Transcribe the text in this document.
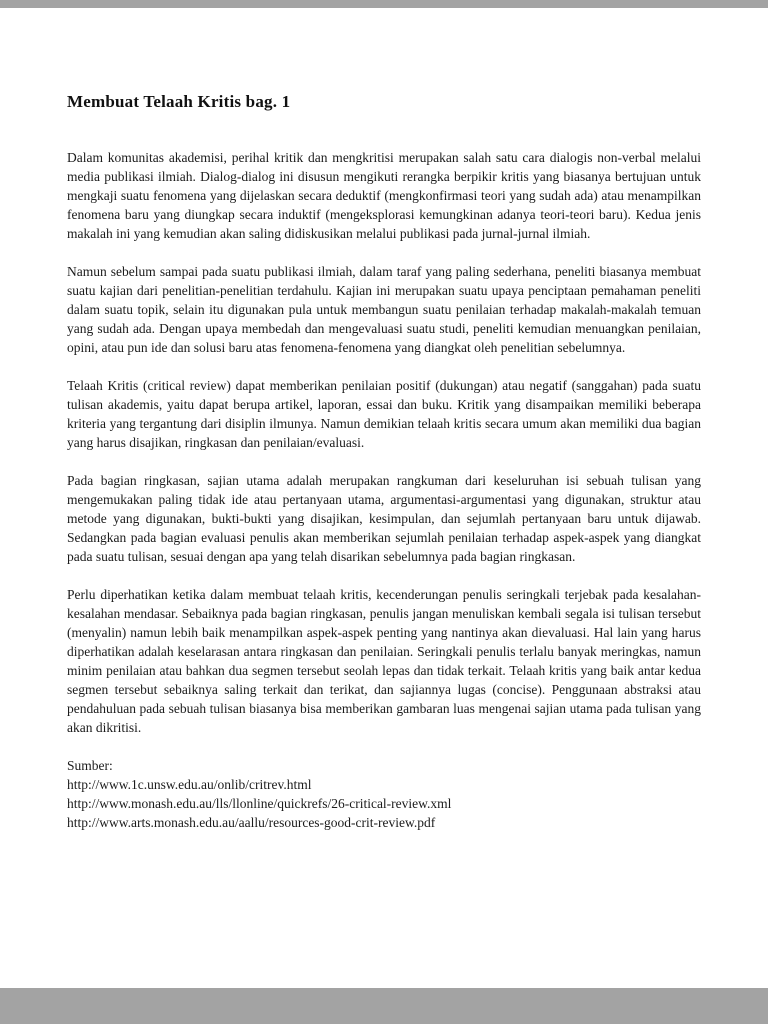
Membuat Telaah Kritis bag. 1

Dalam komunitas akademisi, perihal kritik dan mengkritisi merupakan salah satu cara dialogis non-verbal melalui media publikasi ilmiah. Dialog-dialog ini disusun mengikuti rerangka berpikir kritis yang biasanya bertujuan untuk mengkaji suatu fenomena yang dijelaskan secara deduktif (mengkonfirmasi teori yang sudah ada) atau menampilkan fenomena baru yang diungkap secara induktif (mengeksplorasi kemungkinan adanya teori-teori baru). Kedua jenis makalah ini yang kemudian akan saling didiskusikan melalui publikasi pada jurnal-jurnal ilmiah.

Namun sebelum sampai pada suatu publikasi ilmiah, dalam taraf yang paling sederhana, peneliti biasanya membuat suatu kajian dari penelitian-penelitian terdahulu. Kajian ini merupakan suatu upaya penciptaan pemahaman peneliti dalam suatu topik, selain itu digunakan pula untuk membangun suatu penilaian terhadap makalah-makalah temuan yang sudah ada. Dengan upaya membedah dan mengevaluasi suatu studi, peneliti kemudian menuangkan penilaian, opini, atau pun ide dan solusi baru atas fenomena-fenomena yang diangkat oleh penelitian sebelumnya.

Telaah Kritis (critical review) dapat memberikan penilaian positif (dukungan) atau negatif (sanggahan) pada suatu tulisan akademis, yaitu dapat berupa artikel, laporan, essai dan buku. Kritik yang disampaikan memiliki beberapa kriteria yang tergantung dari disiplin ilmunya. Namun demikian telaah kritis secara umum akan memiliki dua bagian yang harus disajikan, ringkasan dan penilaian/evaluasi.

Pada bagian ringkasan, sajian utama adalah merupakan rangkuman dari keseluruhan isi sebuah tulisan yang mengemukakan paling tidak ide atau pertanyaan utama, argumentasi-argumentasi yang digunakan, struktur atau metode yang digunakan, bukti-bukti yang disajikan, kesimpulan, dan sejumlah pertanyaan baru untuk dijawab. Sedangkan pada bagian evaluasi penulis akan memberikan sejumlah penilaian terhadap aspek-aspek yang diangkat pada suatu tulisan, sesuai dengan apa yang telah disarikan sebelumnya pada bagian ringkasan.

Perlu diperhatikan ketika dalam membuat telaah kritis, kecenderungan penulis seringkali terjebak pada kesalahan-kesalahan mendasar. Sebaiknya pada bagian ringkasan, penulis jangan menuliskan kembali segala isi tulisan tersebut (menyalin) namun lebih baik menampilkan aspek-aspek penting yang nantinya akan dievaluasi. Hal lain yang harus diperhatikan adalah keselarasan antara ringkasan dan penilaian. Seringkali penulis terlalu banyak meringkas, namun minim penilaian atau bahkan dua segmen tersebut seolah lepas dan tidak terkait. Telaah kritis yang baik antar kedua segmen tersebut sebaiknya saling terkait dan terikat, dan sajiannya lugas (concise). Penggunaan abstraksi atau pendahuluan pada sebuah tulisan biasanya bisa memberikan gambaran luas mengenai sajian utama pada tulisan yang akan dikritisi.

Sumber:

http://www.1c.unsw.edu.au/onlib/critrev.html

http://www.monash.edu.au/lls/llonline/quickrefs/26-critical-review.xml

http://www.arts.monash.edu.au/aallu/resources-good-crit-review.pdf
